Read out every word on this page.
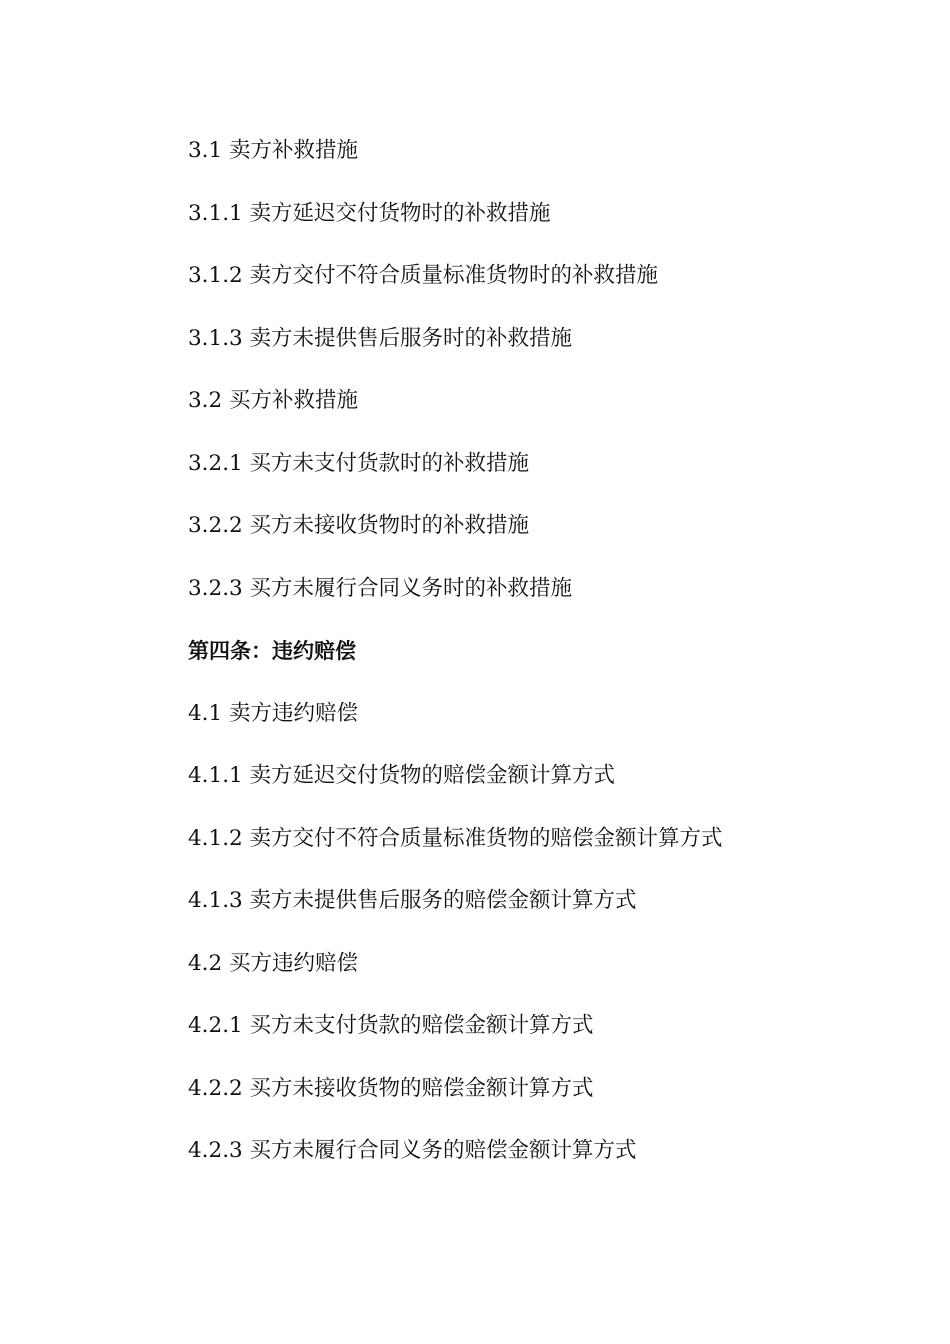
3.1 卖方补救措施
3.1.1 卖方延迟交付货物时的补救措施
3.1.2 卖方交付不符合质量标准货物时的补救措施
3.1.3 卖方未提供售后服务时的补救措施
3.2 买方补救措施
3.2.1 买方未支付货款时的补救措施
3.2.2 买方未接收货物时的补救措施
3.2.3 买方未履行合同义务时的补救措施
第四条：违约赔偿
4.1 卖方违约赔偿
4.1.1 卖方延迟交付货物的赔偿金额计算方式
4.1.2 卖方交付不符合质量标准货物的赔偿金额计算方式
4.1.3 卖方未提供售后服务的赔偿金额计算方式
4.2 买方违约赔偿
4.2.1 买方未支付货款的赔偿金额计算方式
4.2.2 买方未接收货物的赔偿金额计算方式
4.2.3 买方未履行合同义务的赔偿金额计算方式
